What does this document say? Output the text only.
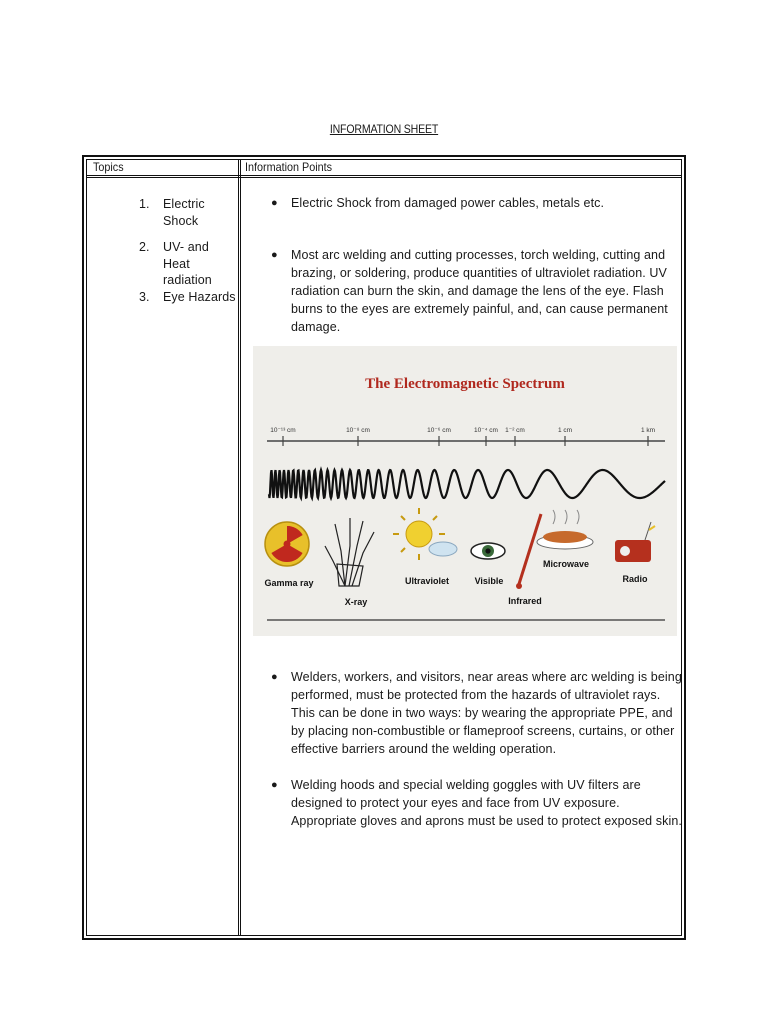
INFORMATION SHEET
Topics	Information Points
1. Electric Shock
2. UV- and Heat radiation
3. Eye Hazards
● Electric Shock from damaged power cables, metals etc.
● Most arc welding and cutting processes, torch welding, cutting and brazing, or soldering, produce quantities of ultraviolet radiation. UV radiation can burn the skin, and damage the lens of the eye. Flash burns to the eyes are extremely painful, and, can cause permanent damage.
The Electromagnetic Spectrum
10⁻¹³ cm	10⁻⁸ cm	10⁻⁶ cm	10⁻⁴ cm 1⁻² cm	1 cm	1 km
Gamma ray
X-ray
Ultraviolet	Visible
Infrared
Microwave
Radio
● Welders, workers, and visitors, near areas where arc welding is being performed, must be protected from the hazards of ultraviolet rays. This can be done in two ways: by wearing the appropriate PPE, and by placing non-combustible or flameproof screens, curtains, or other effective barriers around the welding operation.
● Welding hoods and special welding goggles with UV filters are designed to protect your eyes and face from UV exposure. Appropriate gloves and aprons must be used to protect exposed skin.
